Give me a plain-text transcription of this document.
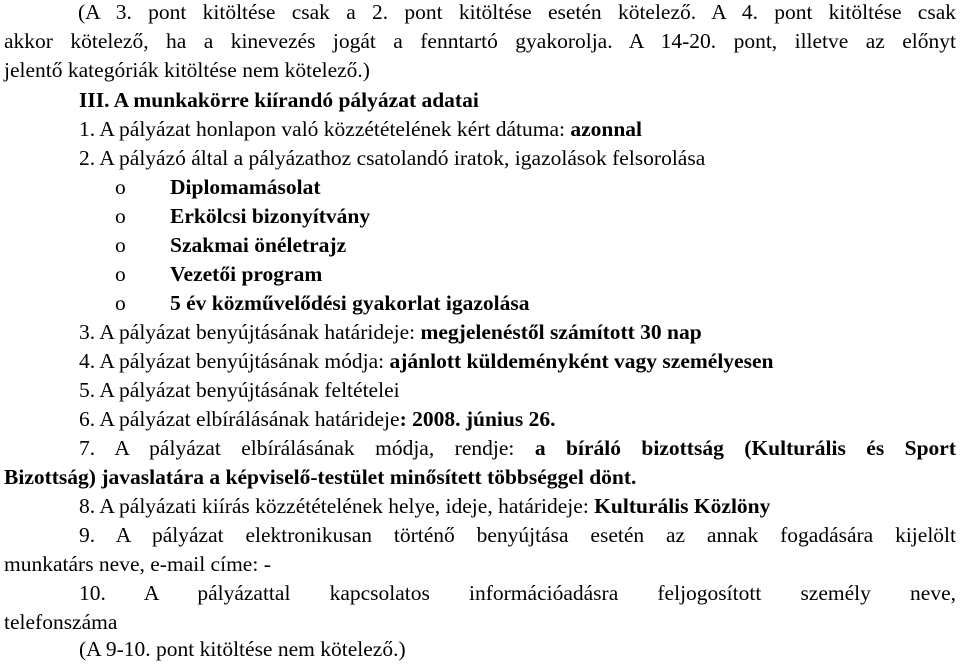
(A 3. pont kitöltése csak a 2. pont kitöltése esetén kötelező. A 4. pont kitöltése csak
akkor kötelező, ha a kinevezés jogát a fenntartó gyakorolja. A 14-20. pont, illetve az előnyt
jelentő kategóriák kitöltése nem kötelező.)
III. A munkakörre kiírandó pályázat adatai
1. A pályázat honlapon való közzétételének kért dátuma: azonnal
2. A pályázó által a pályázathoz csatolandó iratok, igazolások felsorolása
o Diplomamásolat
o Erkölcsi bizonyítvány
o Szakmai önéletrajz
o Vezetői program
o 5 év közművelődési gyakorlat igazolása
3. A pályázat benyújtásának határideje: megjelenéstől számított 30 nap
4. A pályázat benyújtásának módja: ajánlott küldeményként vagy személyesen
5. A pályázat benyújtásának feltételei
6. A pályázat elbírálásának határideje: 2008. június 26.
7. A pályázat elbírálásának módja, rendje: a bíráló bizottság (Kulturális és Sport
Bizottság) javaslatára a képviselő-testület minősített többséggel dönt.
8. A pályázati kiírás közzétételének helye, ideje, határideje: Kulturális Közlöny
9. A pályázat elektronikusan történő benyújtása esetén az annak fogadására kijelölt
munkatárs neve, e-mail címe: -
10. A pályázattal kapcsolatos információadásra feljogosított személy neve,
telefonszáma
(A 9-10. pont kitöltése nem kötelező.)
